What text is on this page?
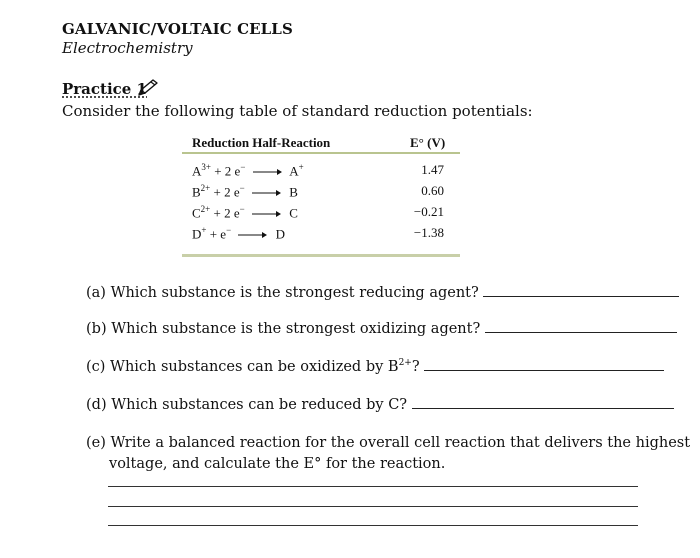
GALVANIC/VOLTAIC CELLS
Electrochemistry
Practice 1
Consider the following table of standard reduction potentials:
Reduction Half-Reaction	E° (V)
$A^{3+} + 2$ e−	A+	1.47
$B^{2+} + 2$ e−	B	0.60
$C^{2+} + 2$ e−	C	−0.21
D+ + e−	D	−1.38
(a) Which substance is the strongest reducing agent?
(b) Which substance is the strongest oxidizing agent?
(c) Which substances can be oxidized by $B^{2+}$?
(d) Which substances can be reduced by C?
(e) Write a balanced reaction for the overall cell reaction that delivers the highest
voltage, and calculate the E° for the reaction.
